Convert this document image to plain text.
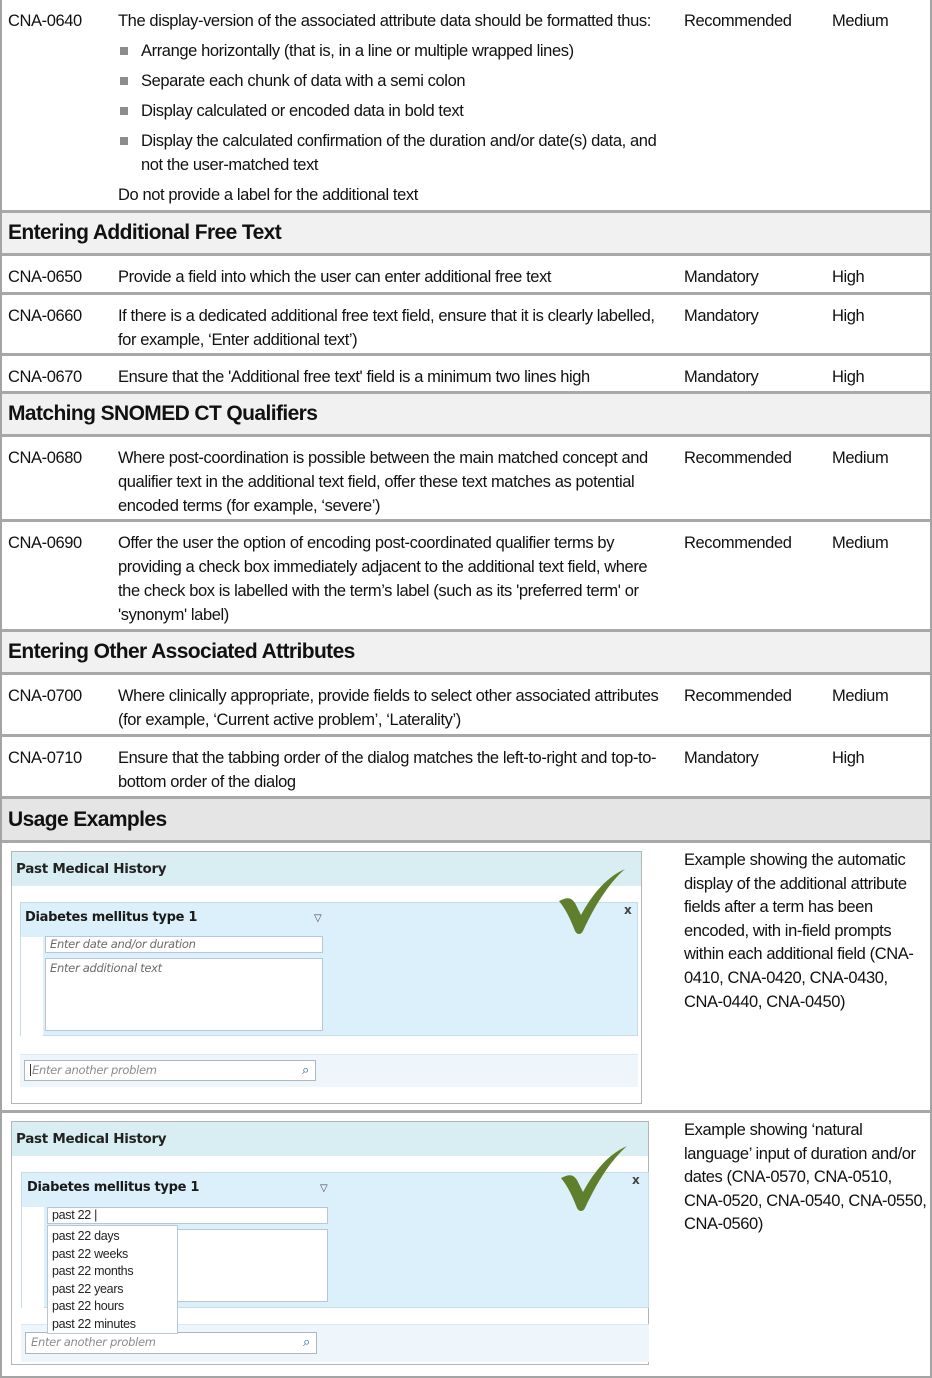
CNA-0640 The display-version of the associated attribute data should be formatted thus:
Arrange horizontally (that is, in a line or multiple wrapped lines)
Separate each chunk of data with a semi colon
Display calculated or encoded data in bold text
Display the calculated confirmation of the duration and/or date(s) data, and not the user-matched text
Do not provide a label for the additional text
Recommended Medium
Entering Additional Free Text
CNA-0650 Provide a field into which the user can enter additional free text	Mandatory	High
CNA-0660 If there is a dedicated additional free text field, ensure that it is clearly labelled, for example, ‘Enter additional text’)
Mandatory	High
CNA-0670 Ensure that the 'Additional free text' field is a minimum two lines high	Mandatory	High
Matching SNOMED CT Qualifiers
CNA-0680 Where post-coordination is possible between the main matched concept and qualifier text in the additional text field, offer these text matches as potential encoded terms (for example, ‘severe’)
Recommended Medium
CNA-0690 Offer the user the option of encoding post-coordinated qualifier terms by providing a check box immediately adjacent to the additional text field, where the check box is labelled with the term’s label (such as its 'preferred term' or 'synonym' label)
Recommended Medium
Entering Other Associated Attributes
CNA-0700 Where clinically appropriate, provide fields to select other associated attributes (for example, ‘Current active problem’, ‘Laterality’)
Recommended Medium
CNA-0710 Ensure that the tabbing order of the dialog matches the left-to-right and top-to-bottom order of the dialog
Mandatory	High
Usage Examples
Past Medical History
Diabetes mellitus type 1	▽
x
Enter date and/or duration
Enter additional text
Enter another problem	⌕
Example showing the automatic display of the additional attribute fields after a term has been encoded, with in-field prompts within each additional field (CNA-0410, CNA-0420, CNA-0430, CNA-0440, CNA-0450)
Past Medical History
Diabetes mellitus type 1	▽
x
past 22 |
Enter another problem	⌕
past 22 days
past 22 weeks
past 22 months
past 22 years
past 22 hours
past 22 minutes
Example showing ‘natural language’ input of duration and/or dates (CNA-0570, CNA-0510, CNA-0520, CNA-0540, CNA-0550, CNA-0560)
